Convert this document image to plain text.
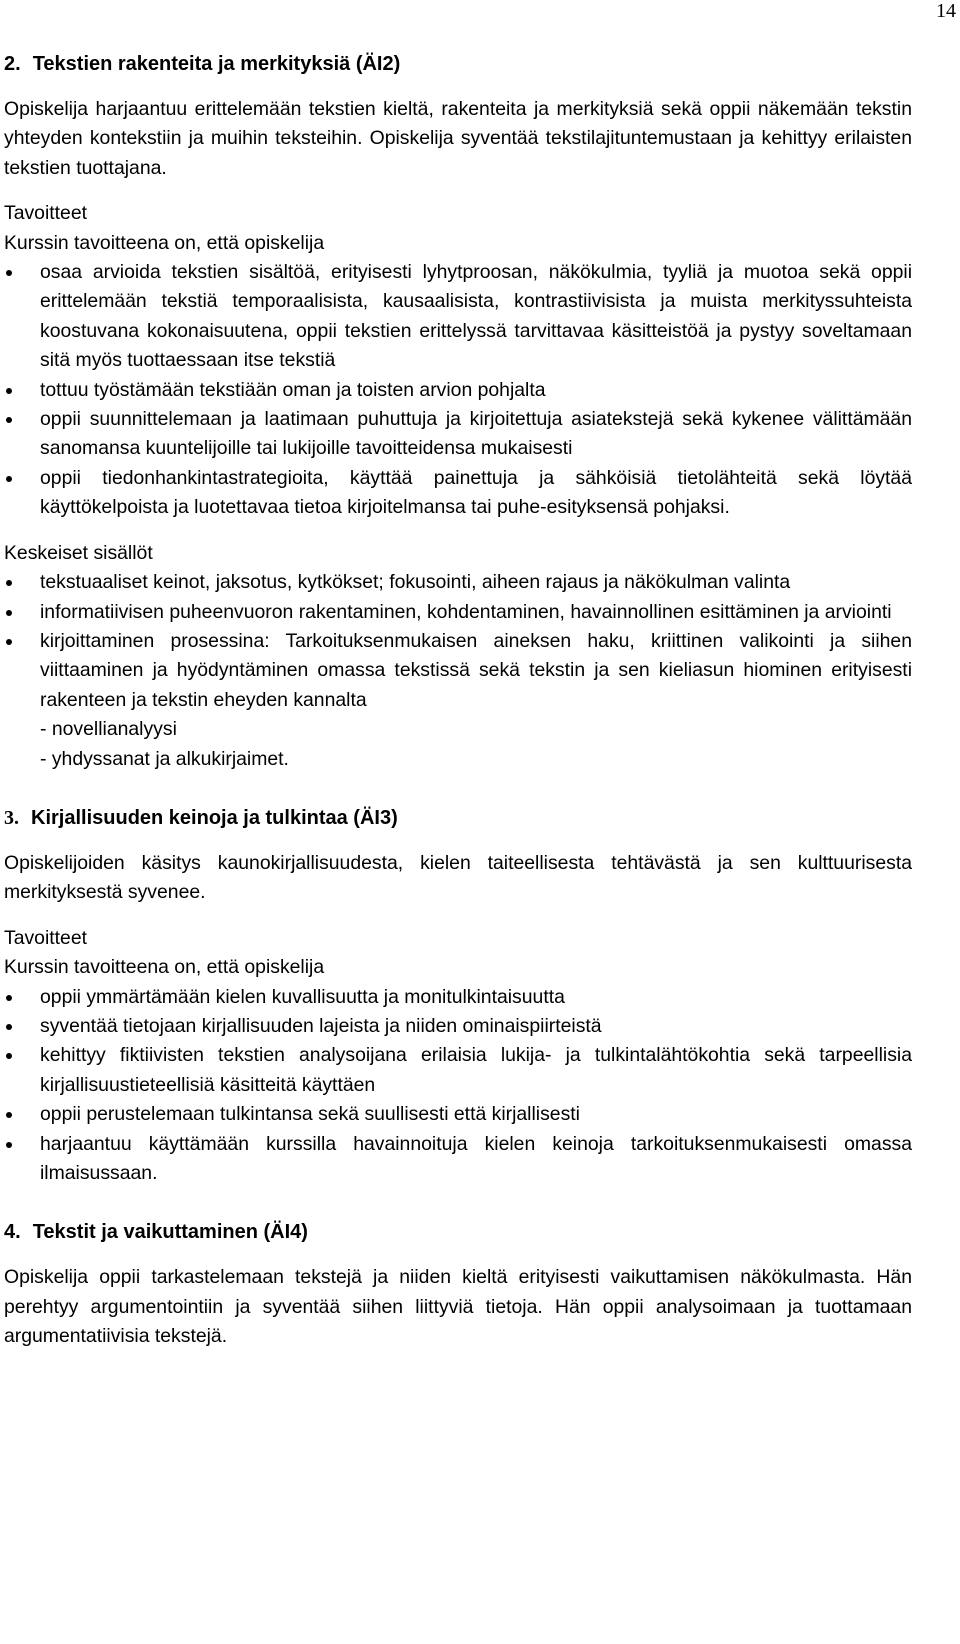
14
2. Tekstien rakenteita ja merkityksiä (ÄI2)

Opiskelija harjaantuu erittelemään tekstien kieltä, rakenteita ja merkityksiä sekä oppii näkemään tekstin yhteyden kontekstiin ja muihin teksteihin. Opiskelija syventää tekstilajituntemustaan ja kehittyy erilaisten tekstien tuottajana.

Tavoitteet
Kurssin tavoitteena on, että opiskelija
osaa arvioida tekstien sisältöä, erityisesti lyhytproosan, näkökulmia, tyyliä ja muotoa sekä oppii erittelemään tekstiä temporaalisista, kausaalisista, kontrastiivisista ja muista merkityssuhteista koostuvana kokonaisuutena, oppii tekstien erittelyssä tarvittavaa käsitteistöä ja pystyy soveltamaan sitä myös tuottaessaan itse tekstiä
tottuu työstämään tekstiään oman ja toisten arvion pohjalta
oppii suunnittelemaan ja laatimaan puhuttuja ja kirjoitettuja asiatekstejä sekä kykenee välittämään sanomansa kuuntelijoille tai lukijoille tavoitteidensa mukaisesti
oppii tiedonhankintastrategioita, käyttää painettuja ja sähköisiä tietolähteitä sekä löytää käyttökelpoista ja luotettavaa tietoa kirjoitelmansa tai puhe-esityksensä pohjaksi.
Keskeiset sisällöt
tekstuaaliset keinot, jaksotus, kytkökset; fokusointi, aiheen rajaus ja näkökulman valinta
informatiivisen puheenvuoron rakentaminen, kohdentaminen, havainnollinen esittäminen ja arviointi
kirjoittaminen prosessina: Tarkoituksenmukaisen aineksen haku, kriittinen valikointi ja siihen viittaaminen ja hyödyntäminen omassa tekstissä sekä tekstin ja sen kieliasun hiominen erityisesti rakenteen ja tekstin eheyden kannalta
- novellianalyysi
- yhdyssanat ja alkukirjaimet.
3. Kirjallisuuden keinoja ja tulkintaa (ÄI3)

Opiskelijoiden käsitys kaunokirjallisuudesta, kielen taiteellisesta tehtävästä ja sen kulttuurisesta merkityksestä syvenee.

Tavoitteet
Kurssin tavoitteena on, että opiskelija
oppii ymmärtämään kielen kuvallisuutta ja monitulkintaisuutta
syventää tietojaan kirjallisuuden lajeista ja niiden ominaispiirteistä
kehittyy fiktiivisten tekstien analysoijana erilaisia lukija- ja tulkintalähtökohtia sekä tarpeellisia kirjallisuustieteellisiä käsitteitä käyttäen
oppii perustelemaan tulkintansa sekä suullisesti että kirjallisesti
harjaantuu käyttämään kurssilla havainnoituja kielen keinoja tarkoituksenmukaisesti omassa ilmaisussaan.
4. Tekstit ja vaikuttaminen (ÄI4)

Opiskelija oppii tarkastelemaan tekstejä ja niiden kieltä erityisesti vaikuttamisen näkökulmasta. Hän perehtyy argumentointiin ja syventää siihen liittyviä tietoja. Hän oppii analysoimaan ja tuottamaan argumentatiivisia tekstejä.
